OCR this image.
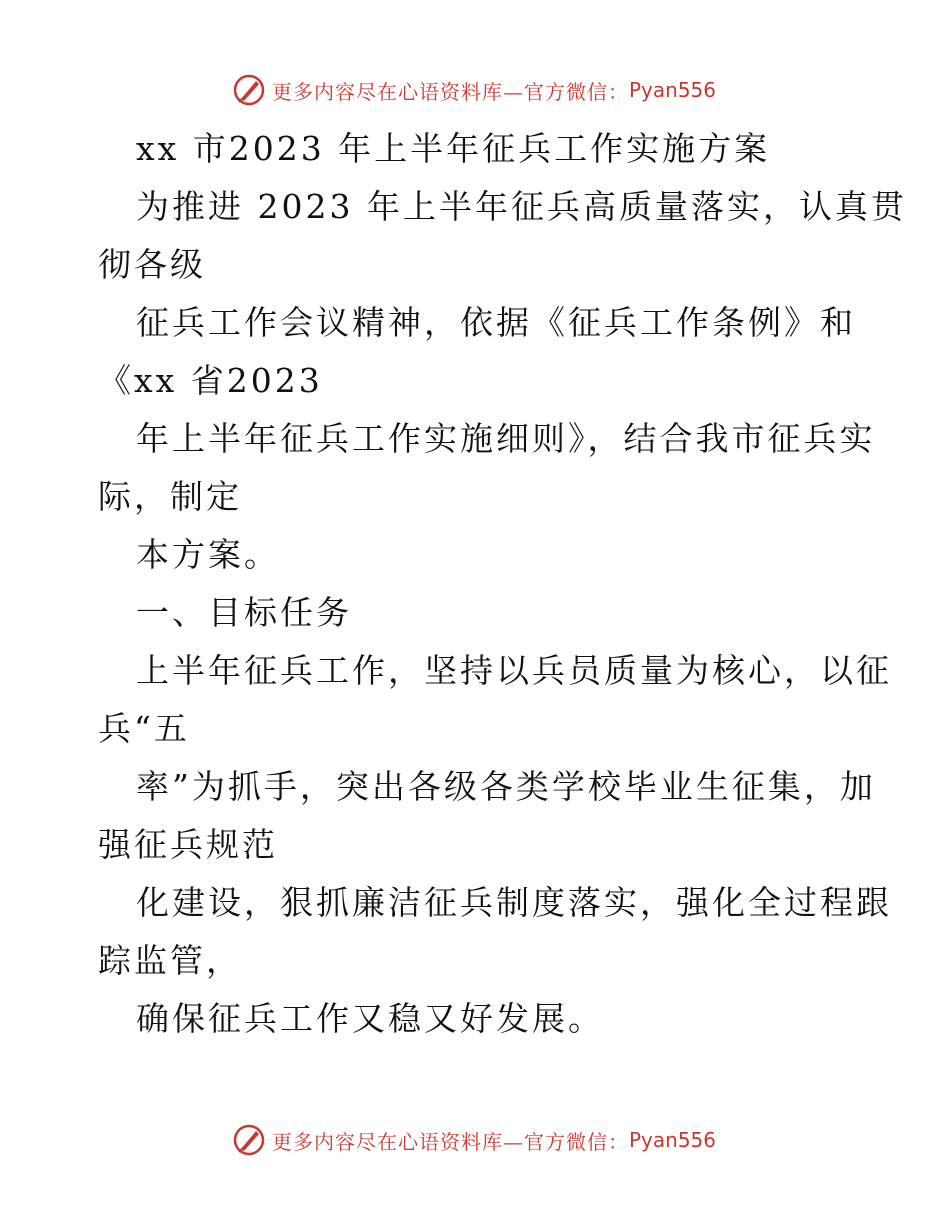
更多内容尽在心语资料库—官方微信： Pyan556

xx 市2023 年上半年征兵工作实施方案

为推进 2023 年上半年征兵高质量落实，认真贯

彻各级

征兵工作会议精神，依据《征兵工作条例》和

《xx 省2023

年上半年征兵工作实施细则》，结合我市征兵实

际，制定

本方案。

一、目标任务

上半年征兵工作，坚持以兵员质量为核心，以征

兵“五

率”为抓手，突出各级各类学校毕业生征集，加

强征兵规范

化建设，狠抓廉洁征兵制度落实，强化全过程跟

踪监管，

确保征兵工作又稳又好发展。

更多内容尽在心语资料库—官方微信： Pyan556
